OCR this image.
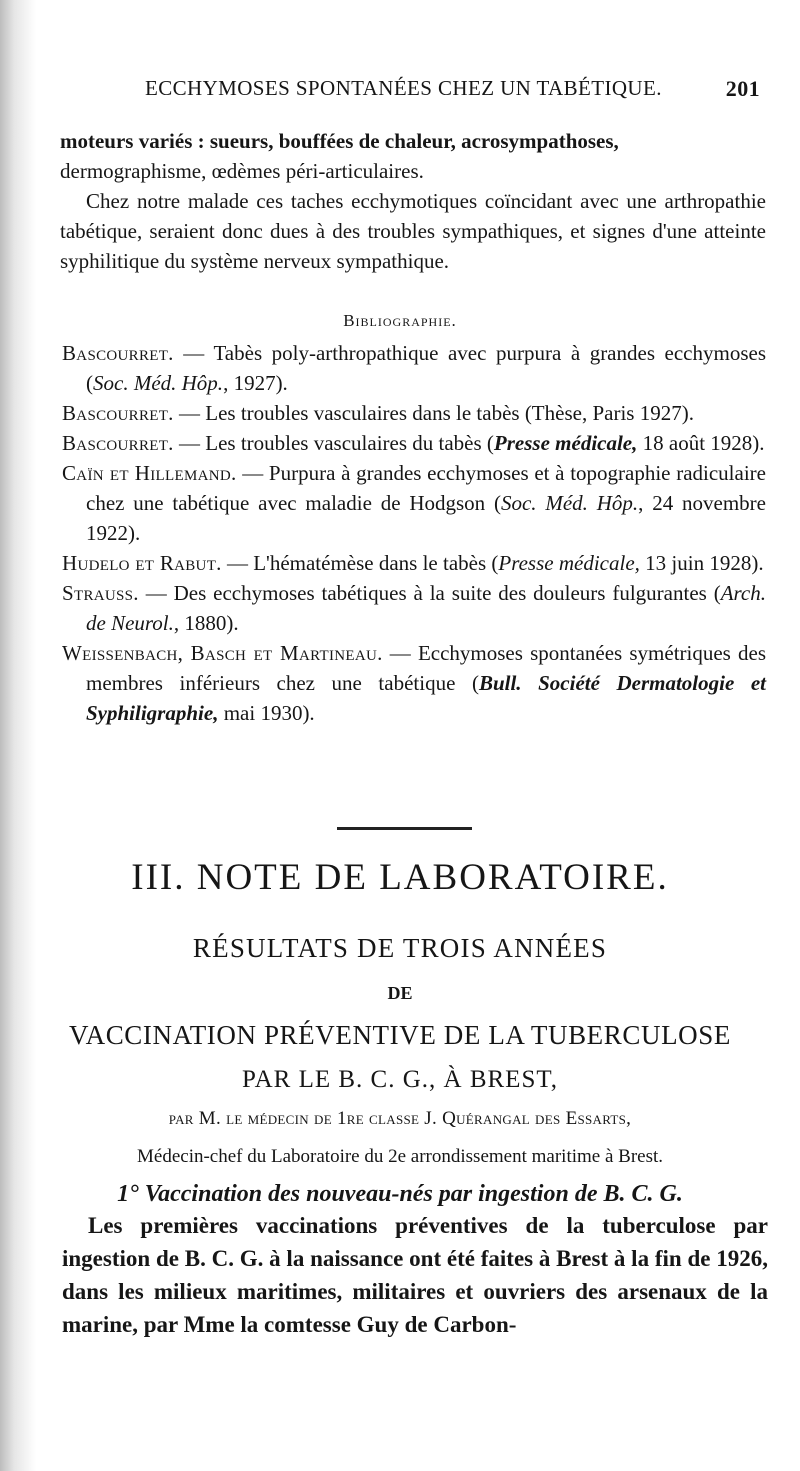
ECCHYMOSES SPONTANÉES CHEZ UN TABÉTIQUE.	201

moteurs variés : sueurs, bouffées de chaleur, acrosympathoses,

dermographisme, œdèmes péri-articulaires.

Chez notre malade ces taches ecchymotiques coïncidant avec une arthropathie tabétique, seraient donc dues à des troubles sympathiques, et signes d'une atteinte syphilitique du système nerveux sympathique.

Bibliographie.

Bascourret. — Tabès poly-arthropathique avec purpura à grandes ecchymoses (Soc. Méd. Hôp., 1927).

Bascourret. — Les troubles vasculaires dans le tabès (Thèse, Paris 1927).

Bascourret. — Les troubles vasculaires du tabès (Presse médicale, 18 août 1928).

Caïn et Hillemand. — Purpura à grandes ecchymoses et à topographie radiculaire chez une tabétique avec maladie de Hodgson (Soc. Méd. Hôp., 24 novembre 1922).

Hudelo et Rabut. — L'hématémèse dans le tabès (Presse médicale, 13 juin 1928).

Strauss. — Des ecchymoses tabétiques à la suite des douleurs fulgurantes (Arch. de Neurol., 1880).

Weissenbach, Basch et Martineau. — Ecchymoses spontanées symétriques des membres inférieurs chez une tabétique (Bull. Société Dermatologie et Syphiligraphie, mai 1930).

III. NOTE DE LABORATOIRE.
RÉSULTATS DE TROIS ANNÉES
DE
VACCINATION PRÉVENTIVE DE LA TUBERCULOSE
PAR LE B. C. G., À BREST,
par M. le médecin de 1re classe J. Quérangal des Essarts,
Médecin-chef du Laboratoire du 2e arrondissement maritime à Brest.
1° Vaccination des nouveau-nés par ingestion de B. C. G.

Les premières vaccinations préventives de la tuberculose par ingestion de B. C. G. à la naissance ont été faites à Brest à la fin de 1926, dans les milieux maritimes, militaires et ouvriers des arsenaux de la marine, par Mme la comtesse Guy de Carbon-
